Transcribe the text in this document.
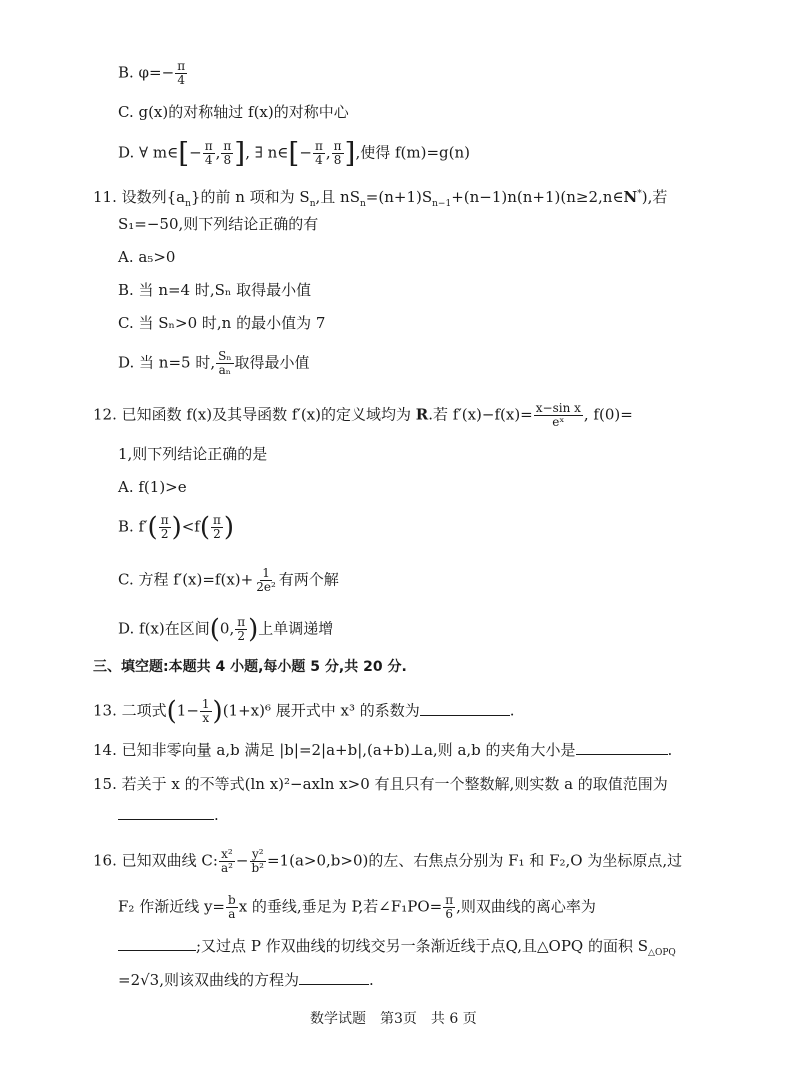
B. $\varphi=- \frac{\pi}{4}$
C. g(x)的对称轴过 f(x)的对称中心
D. ∀ m∈[− $\frac{\pi}{4}$ , $\frac{\pi}{8}$ ], ∃ n∈[− $\frac{\pi}{4}$ , $\frac{\pi}{8}$ ],使得 f(m)=g(n)
11. 设数列$\{a_n\}$的前 n 项和为 $S_n$,且 $nS_n=(n+1)S_{n-1}+(n-1)n(n+1)(n\ge 2,n\in N^*)$,若
S₁=−50,则下列结论正确的有
A. a₅>0
B. 当 n=4 时,Sₙ 取得最小值
C. 当 Sₙ>0 时,n 的最小值为 7
D. 当 n=5 时, $\frac{\text{Sₙ}}{\text{aₙ}}$ 取得最小值
12. 已知函数 f(x)及其导函数 f′(x)的定义域均为 R.若 $f'(x)-f(x)= \frac{\text{x−sin x}}{\text{eˣ}}$ , f(0)=
1,则下列结论正确的是
A. f(1)>e
B. $f'( \frac{\pi}{2} )<f( \frac{\pi}{2}$ )
C. 方程 $f'(x)=f(x)+ \frac{1}{\text{2e²}}$ 有两个解
D. f(x)在区间(0, $\frac{\pi}{2}$ )上单调递增
三、填空题:本题共 4 小题,每小题 5 分,共 20 分.
13. 二项式$(1- \frac{1}{x} )(1+x)^6$ 展开式中 x³ 的系数为	.
14. 已知非零向量 a,b 满足 |b|=2|a+b|,(a+b)⊥a,则 a,b 的夹角大小是	.
15. 若关于 x 的不等式(ln x)²−axln x>0 有且只有一个整数解,则实数 a 的取值范围为
.
16. 已知双曲线 C: $\frac{\text{x²}}{\text{a²}} - \frac{\text{y²}}{\text{b²}} =1(a>0,b>0)$的左、右焦点分别为 F₁ 和 F₂,O 为坐标原点,过
F₂ 作渐近线 $y= \frac{b}{a}$ x 的垂线,垂足为 P,若∠F₁PO= $\frac{\pi}{6}$ ,则双曲线的离心率为
;又过点 P 作双曲线的切线交另一条渐近线于点Q,且△OPQ 的面积 $S_{\triangle OPQ}$
=2√3,则该双曲线的方程为	.
数学试题　第3页　共 6 页
